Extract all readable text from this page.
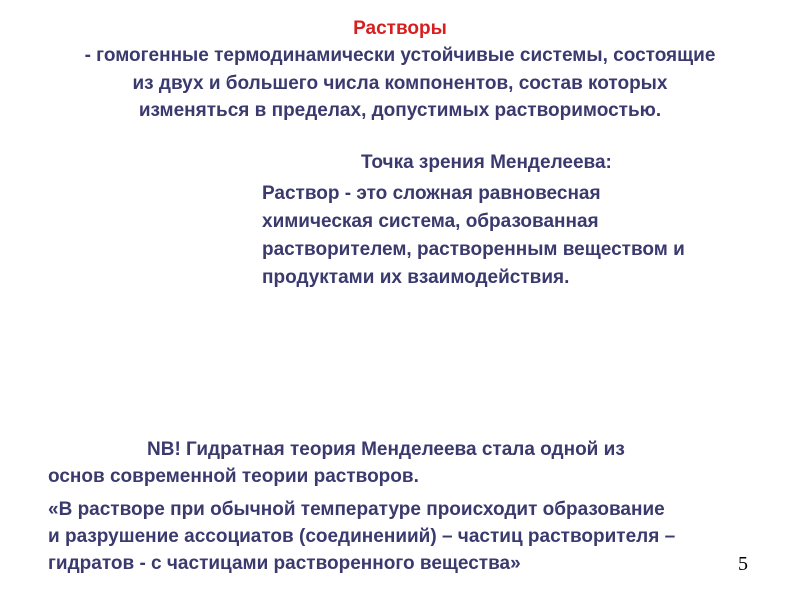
Растворы
- гомогенные термодинамически устойчивые системы, состоящие
из двух и большего числа компонентов, состав которых
изменяться в пределах, допустимых растворимостью.
Точка зрения Менделеева:
Раствор - это сложная равновесная
химическая система, образованная
растворителем, растворенным веществом и
продуктами их взаимодействия.
NB! Гидратная теория Менделеева стала одной из
основ современной теории растворов.
«В растворе при обычной температуре происходит образование
и разрушение ассоциатов (соединениий) – частиц растворителя –
гидратов - с частицами растворенного вещества»	5
